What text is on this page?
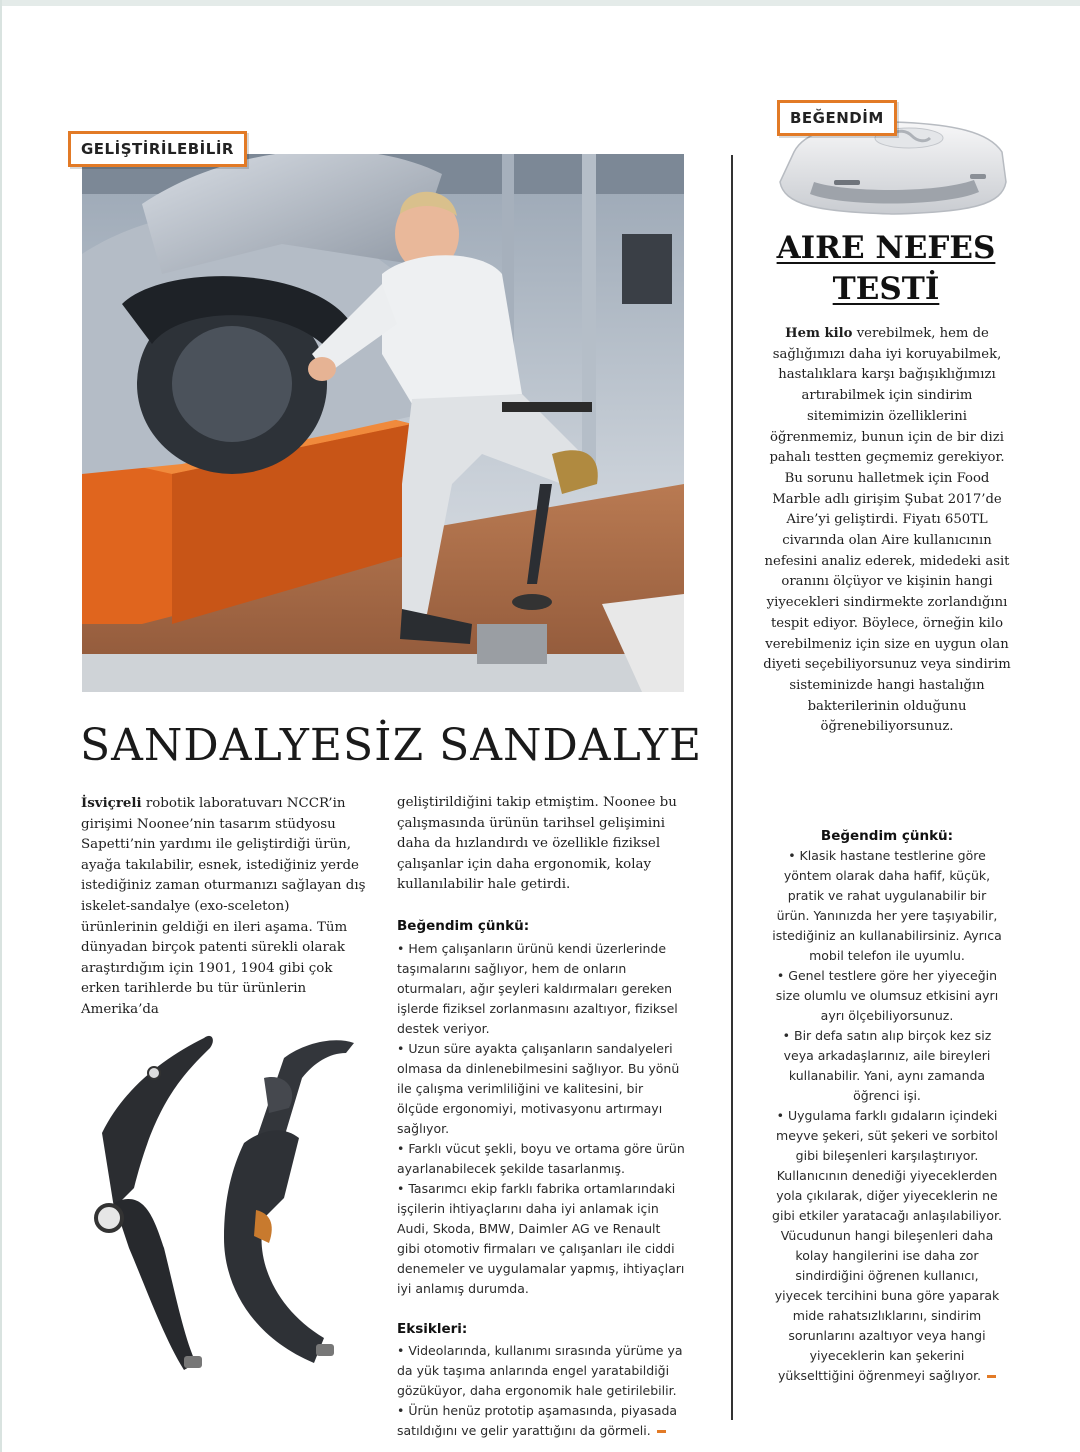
GELİŞTİRİLEBİLİR
SANDALYESİZ SANDALYE
İsviçreli robotik laboratuvarı NCCR’in girişimi Noonee’nin tasarım stüdyosu Sapetti’nin yardımı ile geliştirdiği ürün, ayağa takılabilir, esnek, istediğiniz yerde istediğiniz zaman oturmanızı sağlayan dış iskelet-sandalye (exo-sceleton) ürünlerinin geldiği en ileri aşama. Tüm dünyadan birçok patenti sürekli olarak araştırdığım için 1901, 1904 gibi çok erken tarihlerde bu tür ürünlerin Amerika’da
geliştirildiğini takip etmiştim. Noonee bu çalışmasında ürünün tarihsel gelişimini daha da hızlandırdı ve özellikle fiziksel çalışanlar için daha ergonomik, kolay kullanılabilir hale getirdi.
Beğendim çünkü:
• Hem çalışanların ürünü kendi üzerlerinde taşımalarını sağlıyor, hem de onların oturmaları, ağır şeyleri kaldırmaları gereken işlerde fiziksel zorlanmasını azaltıyor, fiziksel destek veriyor.
• Uzun süre ayakta çalışanların sandalyeleri olmasa da dinlenebilmesini sağlıyor. Bu yönü ile çalışma verimliliğini ve kalitesini, bir ölçüde ergonomiyi, motivasyonu artırmayı sağlıyor.
• Farklı vücut şekli, boyu ve ortama göre ürün ayarlanabilecek şekilde tasarlanmış.
• Tasarımcı ekip farklı fabrika ortamlarındaki işçilerin ihtiyaçlarını daha iyi anlamak için Audi, Skoda, BMW, Daimler AG ve Renault gibi otomotiv firmaları ve çalışanları ile ciddi denemeler ve uygulamalar yapmış, ihtiyaçları iyi anlamış durumda.
Eksikleri:
• Videolarında, kullanımı sırasında yürüme ya da yük taşıma anlarında engel yaratabildiği gözüküyor, daha ergonomik hale getirilebilir.
• Ürün henüz prototip aşamasında, piyasada satıldığını ve gelir yarattığını da görmeli.
BEĞENDİM
AIRE NEFES TESTİ
Hem kilo verebilmek, hem de sağlığımızı daha iyi koruyabilmek, hastalıklara karşı bağışıklığımızı artırabilmek için sindirim sitemimizin özelliklerini öğrenmemiz, bunun için de bir dizi pahalı testten geçmemiz gerekiyor. Bu sorunu halletmek için Food Marble adlı girişim Şubat 2017’de Aire’yi geliştirdi. Fiyatı 650TL civarında olan Aire kullanıcının nefesini analiz ederek, midedeki asit oranını ölçüyor ve kişinin hangi yiyecekleri sindirmekte zorlandığını tespit ediyor. Böylece, örneğin kilo verebilmeniz için size en uygun olan diyeti seçebiliyorsunuz veya sindirim sisteminizde hangi hastalığın bakterilerinin olduğunu öğrenebiliyorsunuz.
Beğendim çünkü:
• Klasik hastane testlerine göre yöntem olarak daha hafif, küçük, pratik ve rahat uygulanabilir bir ürün. Yanınızda her yere taşıyabilir, istediğiniz an kullanabilirsiniz. Ayrıca mobil telefon ile uyumlu.
• Genel testlere göre her yiyeceğin size olumlu ve olumsuz etkisini ayrı ayrı ölçebiliyorsunuz.
• Bir defa satın alıp birçok kez siz veya arkadaşlarınız, aile bireyleri kullanabilir. Yani, aynı zamanda öğrenci işi.
• Uygulama farklı gıdaların içindeki meyve şekeri, süt şekeri ve sorbitol gibi bileşenleri karşılaştırıyor. Kullanıcının denediği yiyeceklerden yola çıkılarak, diğer yiyeceklerin ne gibi etkiler yaratacağı anlaşılabiliyor. Vücudunun hangi bileşenleri daha kolay hangilerini ise daha zor sindirdiğini öğrenen kullanıcı, yiyecek tercihini buna göre yaparak mide rahatsızlıklarını, sindirim sorunlarını azaltıyor veya hangi yiyeceklerin kan şekerini yükselttiğini öğrenmeyi sağlıyor.
